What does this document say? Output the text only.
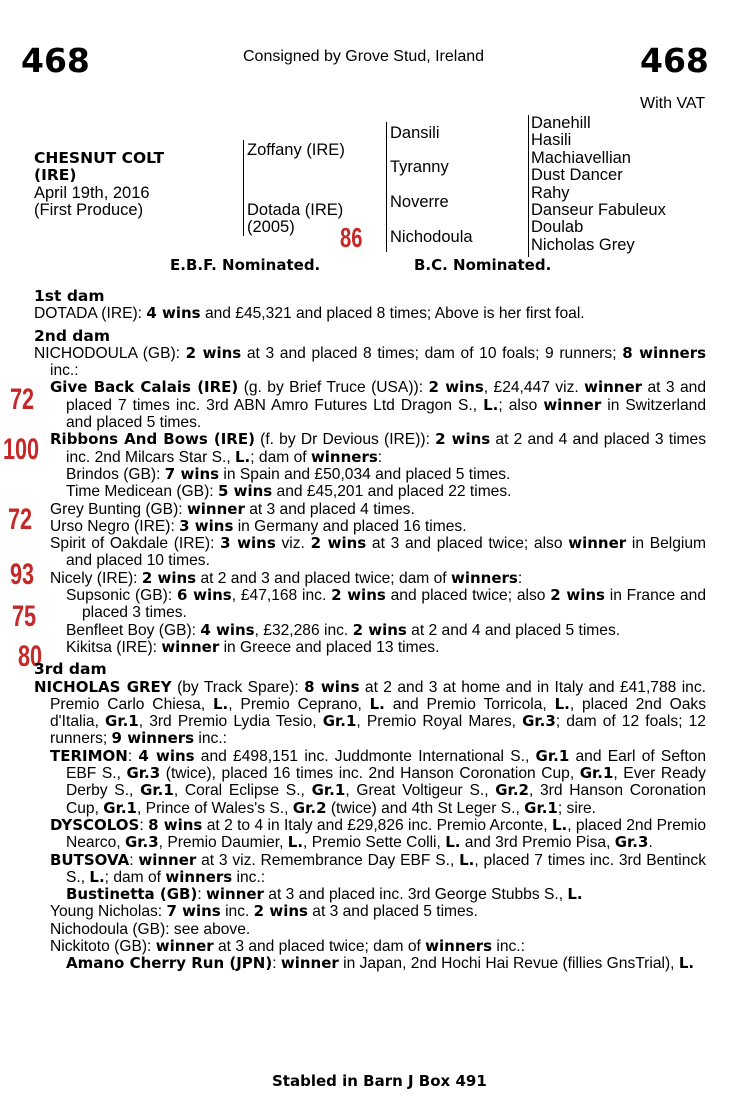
468	Consigned by Grove Stud, Ireland	468
With VAT
CHESNUT COLT
(IRE)
April 19th, 2016
(First Produce)
Zoffany (IRE)
Dotada (IRE)
(2005) 86
Dansili
Tyranny
Noverre
Nichodoula
Danehill
Hasili
Machiavellian
Dust Dancer
Rahy
Danseur Fabuleux
Doulab
Nicholas Grey
E.B.F. Nominated.	B.C. Nominated.
72
100
72
93
75
80

1st dam

DOTADA (IRE): 4 wins and £45,321 and placed 8 times; Above is her first foal.

2nd dam

NICHODOULA (GB): 2 wins at 3 and placed 8 times; dam of 10 foals; 9 runners; 8 winners inc.:

Give Back Calais (IRE) (g. by Brief Truce (USA)): 2 wins, £24,447 viz. winner at 3 and placed 7 times inc. 3rd ABN Amro Futures Ltd Dragon S., L.; also winner in Switzerland and placed 5 times.

Ribbons And Bows (IRE) (f. by Dr Devious (IRE)): 2 wins at 2 and 4 and placed 3 times inc. 2nd Milcars Star S., L.; dam of winners:

Brindos (GB): 7 wins in Spain and £50,034 and placed 5 times.

Time Medicean (GB): 5 wins and £45,201 and placed 22 times.

Grey Bunting (GB): winner at 3 and placed 4 times.

Urso Negro (IRE): 3 wins in Germany and placed 16 times.

Spirit of Oakdale (IRE): 3 wins viz. 2 wins at 3 and placed twice; also winner in Belgium and placed 10 times.

Nicely (IRE): 2 wins at 2 and 3 and placed twice; dam of winners:

Supsonic (GB): 6 wins, £47,168 inc. 2 wins and placed twice; also 2 wins in France and placed 3 times.

Benfleet Boy (GB): 4 wins, £32,286 inc. 2 wins at 2 and 4 and placed 5 times.

Kikitsa (IRE): winner in Greece and placed 13 times.

3rd dam

NICHOLAS GREY (by Track Spare): 8 wins at 2 and 3 at home and in Italy and £41,788 inc. Premio Carlo Chiesa, L., Premio Ceprano, L. and Premio Torricola, L., placed 2nd Oaks d'Italia, Gr.1, 3rd Premio Lydia Tesio, Gr.1, Premio Royal Mares, Gr.3; dam of 12 foals; 12 runners; 9 winners inc.:

TERIMON: 4 wins and £498,151 inc. Juddmonte International S., Gr.1 and Earl of Sefton EBF S., Gr.3 (twice), placed 16 times inc. 2nd Hanson Coronation Cup, Gr.1, Ever Ready Derby S., Gr.1, Coral Eclipse S., Gr.1, Great Voltigeur S., Gr.2, 3rd Hanson Coronation Cup, Gr.1, Prince of Wales's S., Gr.2 (twice) and 4th St Leger S., Gr.1; sire.

DYSCOLOS: 8 wins at 2 to 4 in Italy and £29,826 inc. Premio Arconte, L., placed 2nd Premio Nearco, Gr.3, Premio Daumier, L., Premio Sette Colli, L. and 3rd Premio Pisa, Gr.3.

BUTSOVA: winner at 3 viz. Remembrance Day EBF S., L., placed 7 times inc. 3rd Bentinck S., L.; dam of winners inc.:

Bustinetta (GB): winner at 3 and placed inc. 3rd George Stubbs S., L.

Young Nicholas: 7 wins inc. 2 wins at 3 and placed 5 times.

Nichodoula (GB): see above.

Nickitoto (GB): winner at 3 and placed twice; dam of winners inc.:

Amano Cherry Run (JPN): winner in Japan, 2nd Hochi Hai Revue (fillies GnsTrial), L.

Stabled in Barn J Box 491
